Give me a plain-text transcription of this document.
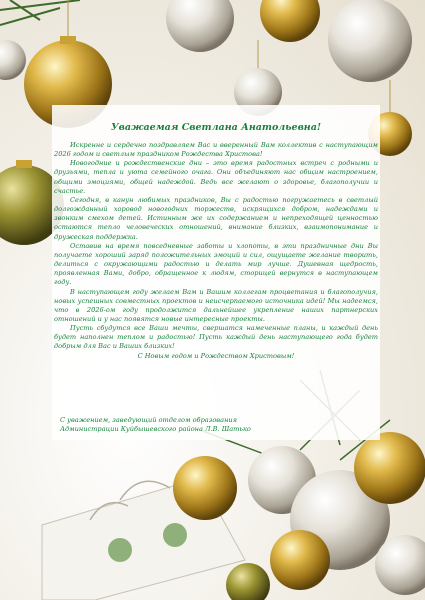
Уважаемая Светлана Анатольевна!

Искренне и сердечно поздравляем Вас и вверенный Вам коллектив с наступающим 2026 годом и светлым праздником Рождества Христова!

Новогодние и рождественские дни – это время радостных встреч с родными и друзьями, тепла и уюта семейного очага. Они объединяют нас общим настроением, общими эмоциями, общей надеждой. Ведь все желают о здоровье, благополучии и счастье.

Сегодня, в канун любимых праздников, Вы с радостью погружаетесь в светлый долгожданный хоровод новогодних торжеств, искрящихся добром, надеждами и звонким смехом детей. Истинным же их содержанием и непреходящей ценностью остаются тепло человеческих отношений, внимание близких, взаимопонимание и дружеская поддержка.

Оставив на время повседневные заботы и хлопоты, в эти праздничные дни Вы получаете хороший заряд положительных эмоций и сил, ощущаете желание творить, делиться с окружающими радостью и делать мир лучше. Душевная щедрость, проявленная Вами, добро, обращенное к людям, сторицей вернутся в наступающем году.

В наступающем году желаем Вам и Вашим коллегам процветания и благополучия, новых успешных совместных проектов и неисчерпаемого источника идей! Мы надеемся, что в 2026-ом году продолжится дальнейшее укрепление наших партнерских отношений и у нас появятся новые интересные проекты.

Пусть сбудутся все Ваши мечты, свершатся намеченные планы, и каждый день будет наполнен теплом и радостью! Пусть каждый день наступающего года будет добрым для Вас и Ваших близких!

С Новым годом и Рождеством Христовым!

С уважением, заведующий отделом образования
Администрации Куйбышевского района Л.В. Шатько
